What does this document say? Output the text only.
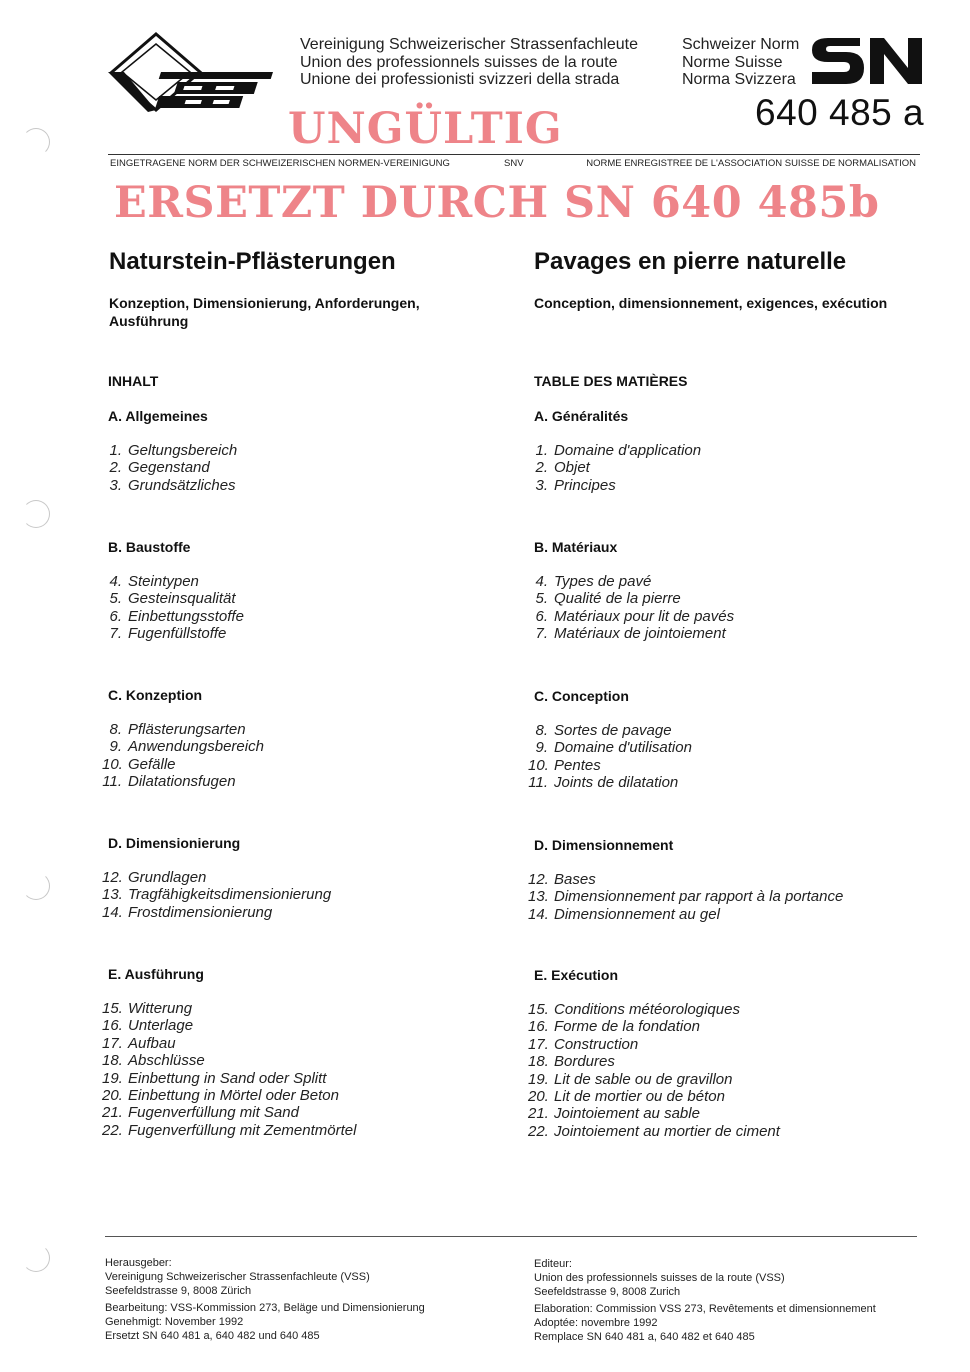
Vereinigung Schweizerischer Strassenfachleute
Union des professionnels suisses de la route
Unione dei professionisti svizzeri della strada
Schweizer Norm
Norme Suisse
Norma Svizzera
640 485 a
UNGÜLTIG
EINGETRAGENE NORM DER SCHWEIZERISCHEN NORMEN-VEREINIGUNG	SNV	NORME ENREGISTREE DE L'ASSOCIATION SUISSE DE NORMALISATION
ERSETZT DURCH SN 640 485b
Naturstein-Pflästerungen
Konzeption, Dimensionierung, Anforderungen, Ausführung
INHALT
Pavages en pierre naturelle
Conception, dimensionnement, exigences, exécution
TABLE DES MATIÈRES
A. Allgemeines
1. Geltungsbereich
2. Gegenstand
3. Grundsätzliches
B. Baustoffe
4. Steintypen
5. Gesteinsqualität
6. Einbettungsstoffe
7. Fugenfüllstoffe
C. Konzeption
8. Pflästerungsarten
9. Anwendungsbereich
10. Gefälle
11. Dilatationsfugen
D. Dimensionierung
12. Grundlagen
13. Tragfähigkeitsdimensionierung
14. Frostdimensionierung
E. Ausführung
15. Witterung
16. Unterlage
17. Aufbau
18. Abschlüsse
19. Einbettung in Sand oder Splitt
20. Einbettung in Mörtel oder Beton
21. Fugenverfüllung mit Sand
22. Fugenverfüllung mit Zementmörtel
A. Généralités
1. Domaine d'application
2. Objet
3. Principes
B. Matériaux
4. Types de pavé
5. Qualité de la pierre
6. Matériaux pour lit de pavés
7. Matériaux de jointoiement
C. Conception
8. Sortes de pavage
9. Domaine d'utilisation
10. Pentes
11. Joints de dilatation
D. Dimensionnement
12. Bases
13. Dimensionnement par rapport à la portance
14. Dimensionnement au gel
E. Exécution
15. Conditions météorologiques
16. Forme de la fondation
17. Construction
18. Bordures
19. Lit de sable ou de gravillon
20. Lit de mortier ou de béton
21. Jointoiement au sable
22. Jointoiement au mortier de ciment
Herausgeber:
Vereinigung Schweizerischer Strassenfachleute (VSS)
Seefeldstrasse 9, 8008 Zürich
Bearbeitung: VSS-Kommission 273, Beläge und Dimensionierung
Genehmigt: November 1992
Ersetzt SN 640 481 a, 640 482 und 640 485
Editeur:
Union des professionnels suisses de la route (VSS)
Seefeldstrasse 9, 8008 Zurich
Elaboration: Commission VSS 273, Revêtements et dimensionnement
Adoptée: novembre 1992
Remplace SN 640 481 a, 640 482 et 640 485
